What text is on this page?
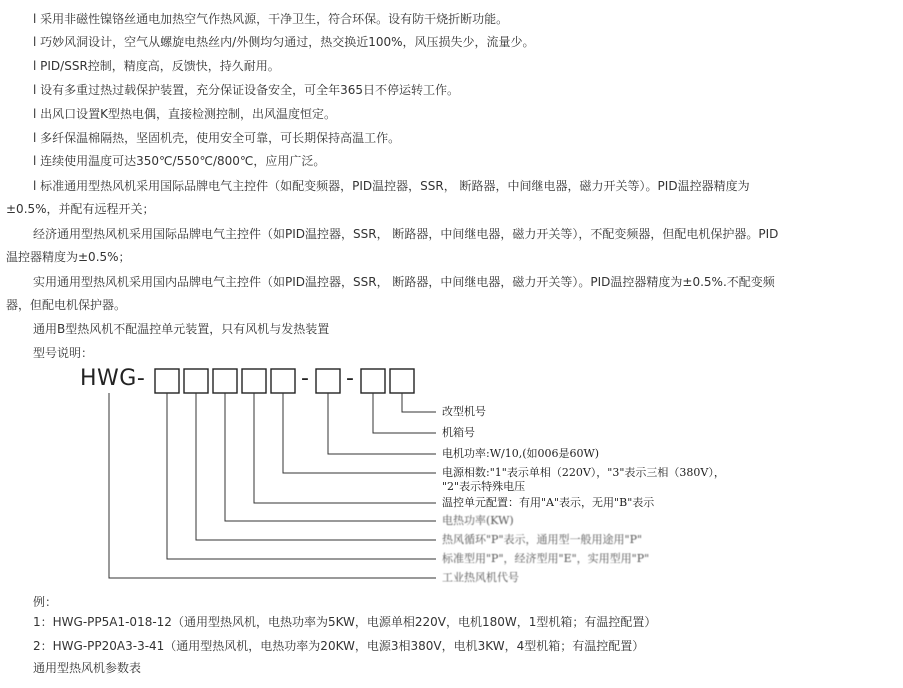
l 采用非磁性镍铬丝通电加热空气作热风源，干净卫生，符合环保。设有防干烧折断功能。
l 巧妙风洞设计，空气从螺旋电热丝内/外侧均匀通过，热交换近100%，风压损失少，流量少。
l PID/SSR控制，精度高，反馈快，持久耐用。
l 设有多重过热过载保护装置，充分保证设备安全，可全年365日不停运转工作。
l 出风口设置K型热电偶，直接检测控制，出风温度恒定。
l 多纤保温棉隔热，坚固机壳，使用安全可靠，可长期保持高温工作。
l 连续使用温度可达350℃/550℃/800℃，应用广泛。
l 标准通用型热风机采用国际品牌电气主控件（如配变频器，PID温控器，SSR， 断路器，中间继电器，磁力开关等）。PID温控器精度为
±0.5%，并配有远程开关；
经济通用型热风机采用国际品牌电气主控件（如PID温控器，SSR， 断路器，中间继电器，磁力开关等），不配变频器，但配电机保护器。PID
温控器精度为±0.5%；
实用通用型热风机采用国内品牌电气主控件（如PID温控器，SSR， 断路器，中间继电器，磁力开关等）。PID温控器精度为±0.5%.不配变频
器，但配电机保护器。
通用B型热风机不配温控单元装置，只有风机与发热装置
型号说明：
HWG-	- -
改型机号
机箱号
电机功率:W/10,(如006是60W)
电源相数:"1"表示单相（220V），"3"表示三相（380V），
"2"表示特殊电压
温控单元配置：有用"A"表示，无用"B"表示
电热功率(KW)
热风循环"P"表示，通用型一般用途用"P"
标准型用"P"，经济型用"E"，实用型用"P"
工业热风机代号
例：
1：HWG-PP5A1-018-12（通用型热风机，电热功率为5KW，电源单相220V，电机180W，1型机箱；有温控配置）
2：HWG-PP20A3-3-41（通用型热风机，电热功率为20KW，电源3相380V，电机3KW，4型机箱；有温控配置）
通用型热风机参数表
